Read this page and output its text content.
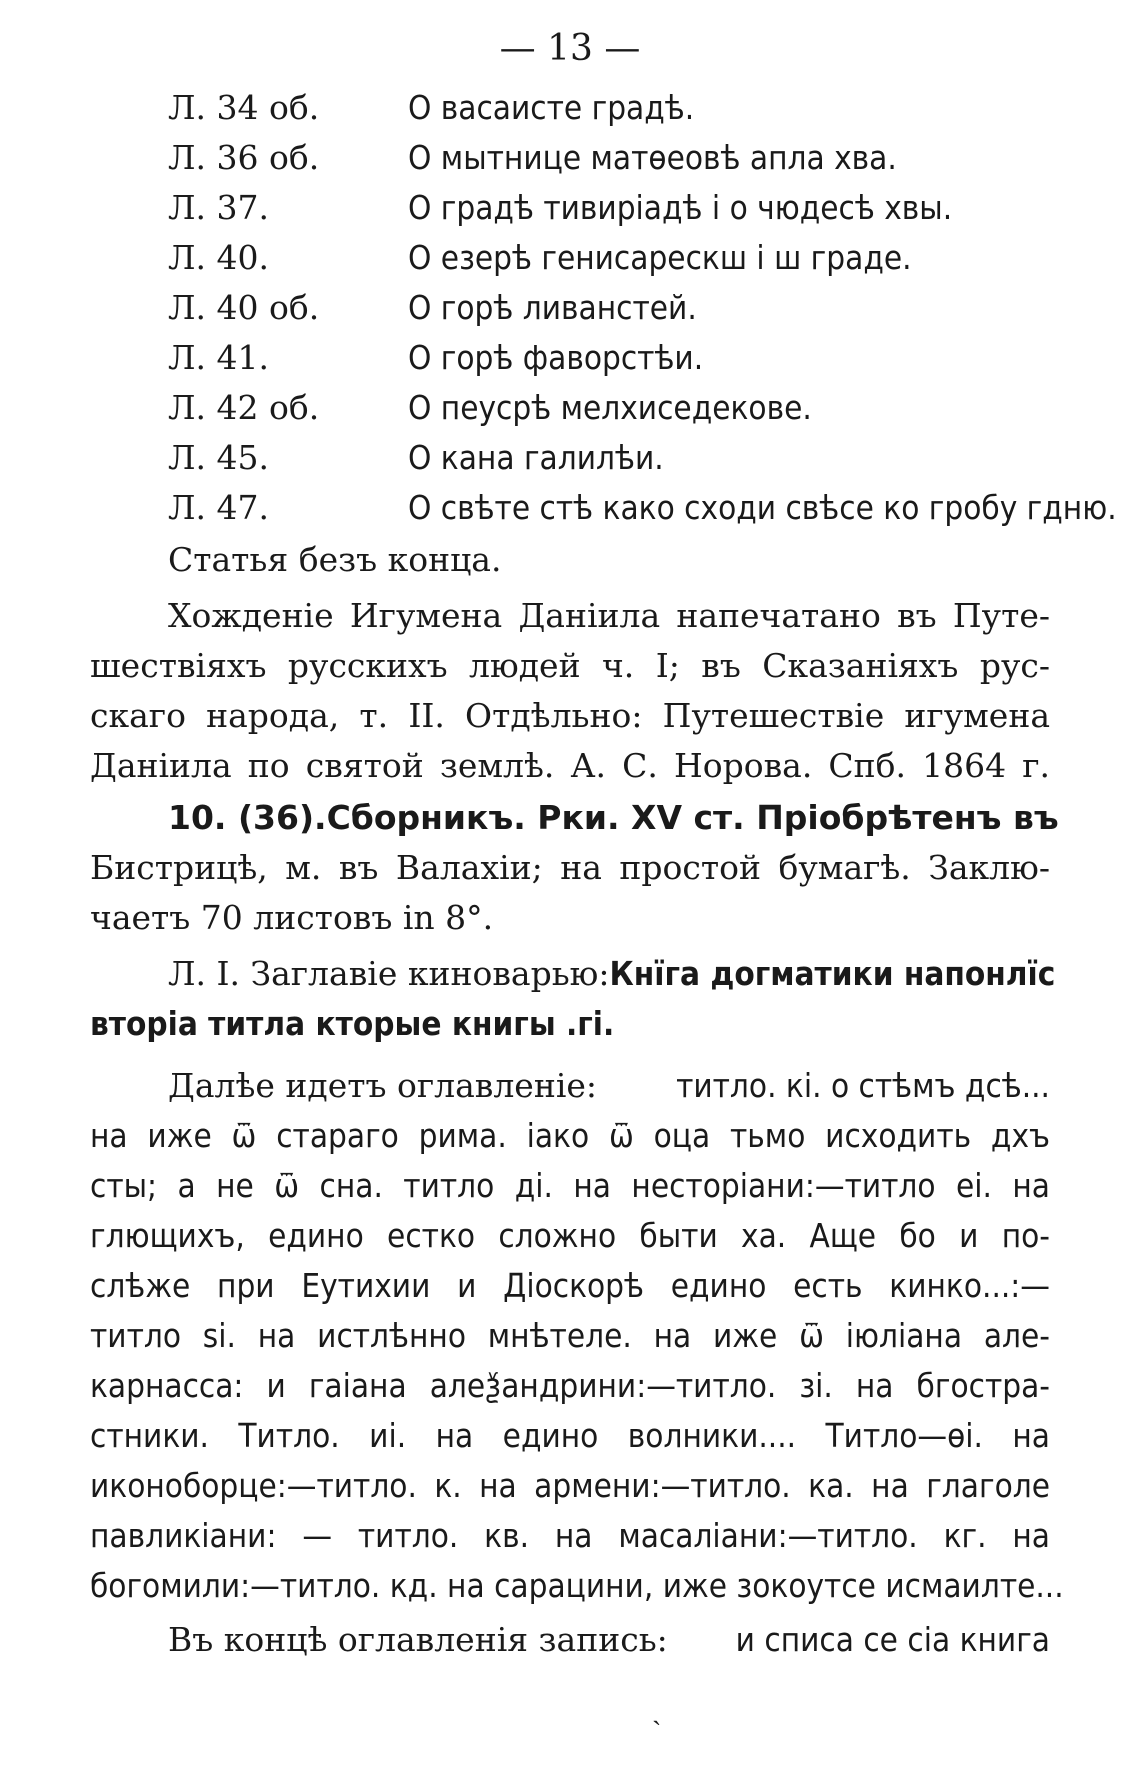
— 13 —
Л. 34 об.	О васаисте градѣ.
Л. 36 об.	О мытнице матѳеовѣ апла хва.
Л. 37.	О градѣ тивиріадѣ і о чюдесѣ хвы.
Л. 40.	О езерѣ генисарескш і ш граде.
Л. 40 об.	О горѣ ливанстей.
Л. 41.	О горѣ фаворстѣи.
Л. 42 об.	О пеусрѣ мелхиседекове.
Л. 45.	О кана галилѣи.
Л. 47.	О свѣте стѣ како сходи свѣсе ко гробу гдню.
Статья безъ конца.
Хожденіе Игумена Даніила напечатано въ Путе-
шествіяхъ русскихъ людей ч. I; въ Сказаніяхъ рус-
скаго народа, т. II. Отдѣльно: Путешествіе игумена
Даніила по святой землѣ. А. С. Норова. Спб. 1864 г.
10. (36). Сборникъ. Рки. XV ст. Пріобрѣтенъ въ
Бистрицѣ, м. въ Валахіи; на простой бумагѣ. Заклю-
чаетъ 70 листовъ in 8°.
Л. I. Заглавіе киноварью: Кнїга догматики напонлїс
вторіа титла кторые книгы .гі.
Далѣе идетъ оглавленіе: титло. кі. о стѣмъ дсѣ...
на иже ѿ стараго рима. іако ѿ оца тьмо исходить дхъ
сты; а не ѿ сна. титло ді. на несторіани:—титло еі. на
глющихъ, едино естко сложно быти ха. Аще бо и по-
слѣже при Еутихии и Діоскорѣ едино есть кинко...:—
титло ѕі. на истлѣнно мнѣтеле. на иже ѿ іюліана але-
карнасса: и гаіана алеѯандрини:—титло. зі. на бгостра-
стники. Титло. иі. на едино волники.... Титло—ѳі. на
иконоборце:—титло. к. на армени:—титло. ка. на глаголе
павликіани: — титло. кв. на масаліани:—титло. кг. на
богомили:—титло. кд. на сарацини, иже зокоутсе исмаилте...
Въ концѣ оглавленія запись: и списа се сіа книга
ˎ
